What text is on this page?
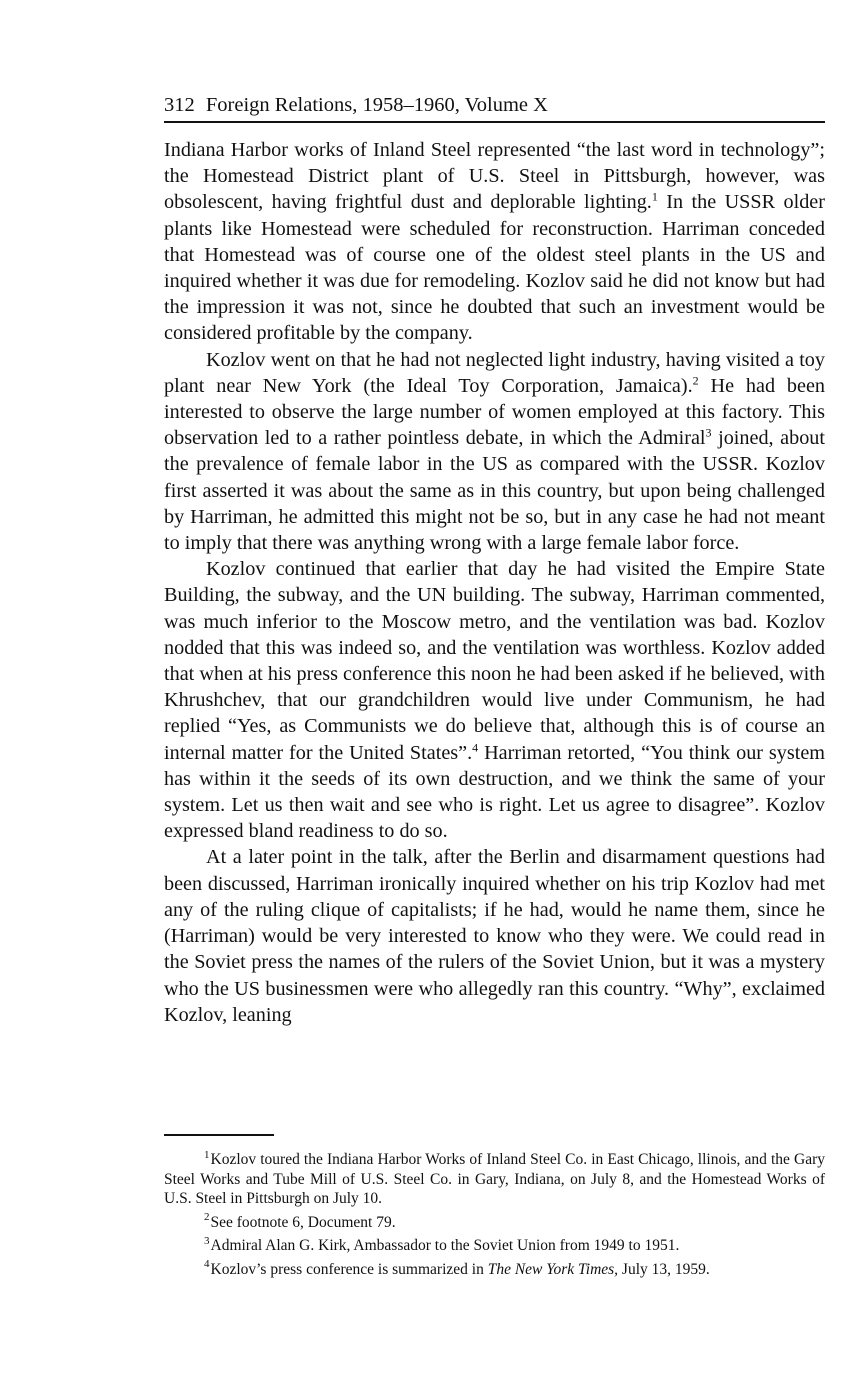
312 Foreign Relations, 1958–1960, Volume X

Indiana Harbor works of Inland Steel represented “the last word in technology”; the Homestead District plant of U.S. Steel in Pittsburgh, however, was obsolescent, having frightful dust and deplorable lighting.$^1$ In the USSR older plants like Homestead were scheduled for reconstruction. Harriman conceded that Homestead was of course one of the oldest steel plants in the US and inquired whether it was due for remodeling. Kozlov said he did not know but had the impression it was not, since he doubted that such an investment would be considered profitable by the company.

Kozlov went on that he had not neglected light industry, having visited a toy plant near New York (the Ideal Toy Corporation, Jamaica).$^2$ He had been interested to observe the large number of women employed at this factory. This observation led to a rather pointless debate, in which the Admiral$^3$ joined, about the prevalence of female labor in the US as compared with the USSR. Kozlov first asserted it was about the same as in this country, but upon being challenged by Harriman, he admitted this might not be so, but in any case he had not meant to imply that there was anything wrong with a large female labor force.

Kozlov continued that earlier that day he had visited the Empire State Building, the subway, and the UN building. The subway, Harriman commented, was much inferior to the Moscow metro, and the ventilation was bad. Kozlov nodded that this was indeed so, and the ventilation was worthless. Kozlov added that when at his press conference this noon he had been asked if he believed, with Khrushchev, that our grandchildren would live under Communism, he had replied “Yes, as Communists we do believe that, although this is of course an internal matter for the United States”.$^4$ Harriman retorted, “You think our system has within it the seeds of its own destruction, and we think the same of your system. Let us then wait and see who is right. Let us agree to disagree”. Kozlov expressed bland readiness to do so.

At a later point in the talk, after the Berlin and disarmament questions had been discussed, Harriman ironically inquired whether on his trip Kozlov had met any of the ruling clique of capitalists; if he had, would he name them, since he (Harriman) would be very interested to know who they were. We could read in the Soviet press the names of the rulers of the Soviet Union, but it was a mystery who the US businessmen were who allegedly ran this country. “Why”, exclaimed Kozlov, leaning

$^1$Kozlov toured the Indiana Harbor Works of Inland Steel Co. in East Chicago, llinois, and the Gary Steel Works and Tube Mill of U.S. Steel Co. in Gary, Indiana, on July 8, and the Homestead Works of U.S. Steel in Pittsburgh on July 10.

$^2$See footnote 6, Document 79.

$^3$Admiral Alan G. Kirk, Ambassador to the Soviet Union from 1949 to 1951.

$^4$Kozlov’s press conference is summarized in The New York Times, July 13, 1959.
